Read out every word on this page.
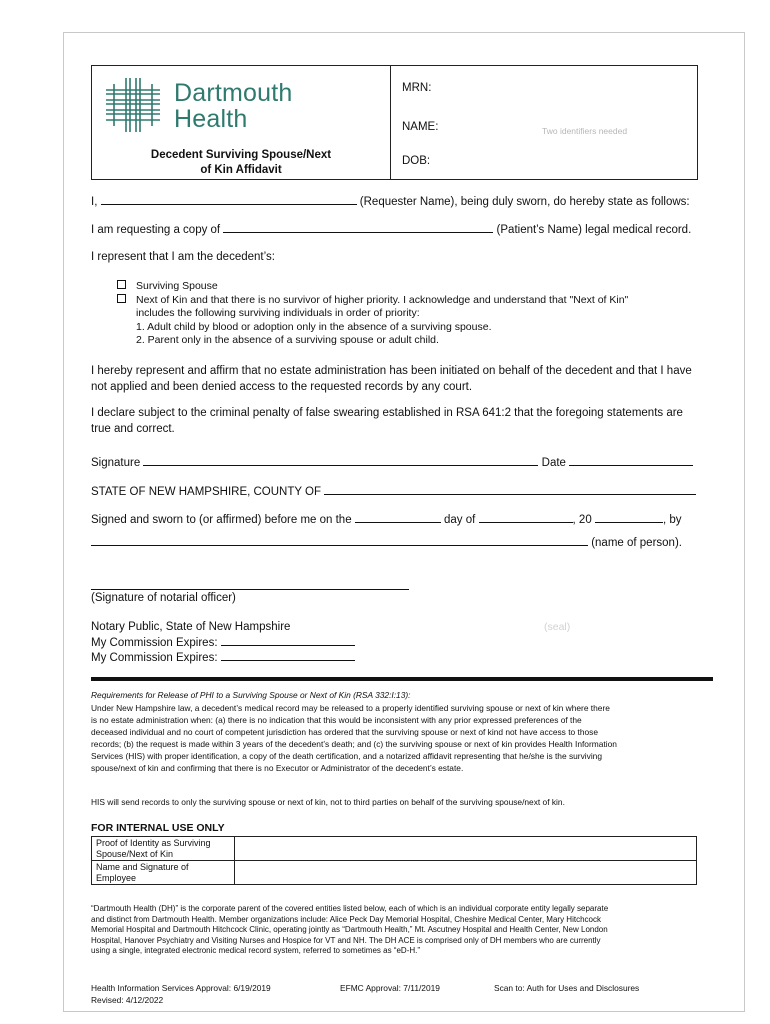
Dartmouth
Health
Decedent Surviving Spouse/Next
of Kin Affidavit
MRN:
NAME:	Two identifiers needed
DOB:
I,	(Requester Name), being duly sworn, do hereby state as follows:
I am requesting a copy of	(Patient’s Name) legal medical record.
I represent that I am the decedent’s:
Surviving Spouse
Next of Kin and that there is no survivor of higher priority. I acknowledge and understand that "Next of Kin"
includes the following surviving individuals in order of priority:
1. Adult child by blood or adoption only in the absence of a surviving spouse.
2. Parent only in the absence of a surviving spouse or adult child.
I hereby represent and affirm that no estate administration has been initiated on behalf of the decedent and that I have
not applied and been denied access to the requested records by any court.
I declare subject to the criminal penalty of false swearing established in RSA 641:2 that the foregoing statements are
true and correct.
Signature	Date
STATE OF NEW HAMPSHIRE, COUNTY OF
Signed and sworn to (or affirmed) before me on the	day of	, 20	, by
(name of person).
(Signature of notarial officer)
Notary Public, State of New Hampshire
My Commission Expires:
My Commission Expires:
(seal)
Requirements for Release of PHI to a Surviving Spouse or Next of Kin (RSA 332:I:13):
Under New Hampshire law, a decedent’s medical record may be released to a properly identified surviving spouse or next of kin where there
is no estate administration when: (a) there is no indication that this would be inconsistent with any prior expressed preferences of the
deceased individual and no court of competent jurisdiction has ordered that the surviving spouse or next of kind not have access to those
records; (b) the request is made within 3 years of the decedent’s death; and (c) the surviving spouse or next of kin provides Health Information
Services (HIS) with proper identification, a copy of the death certification, and a notarized affidavit representing that he/she is the surviving
spouse/next of kin and confirming that there is no Executor or Administrator of the decedent’s estate.
HIS will send records to only the surviving spouse or next of kin, not to third parties on behalf of the surviving spouse/next of kin.
FOR INTERNAL USE ONLY
Proof of Identity as Surviving
Spouse/Next of Kin	

Name and Signature of
Employee	

“Dartmouth Health (DH)” is the corporate parent of the covered entities listed below, each of which is an individual corporate entity legally separate
and distinct from Dartmouth Health. Member organizations include: Alice Peck Day Memorial Hospital, Cheshire Medical Center, Mary Hitchcock
Memorial Hospital and Dartmouth Hitchcock Clinic, operating jointly as “Dartmouth Health,” Mt. Ascutney Hospital and Health Center, New London
Hospital, Hanover Psychiatry and Visiting Nurses and Hospice for VT and NH. The DH ACE is comprised only of DH members who are currently
using a single, integrated electronic medical record system, referred to sometimes as “eD-H.”
Health Information Services Approval: 6/19/2019	EFMC Approval: 7/11/2019	Scan to: Auth for Uses and Disclosures
Revised: 4/12/2022
